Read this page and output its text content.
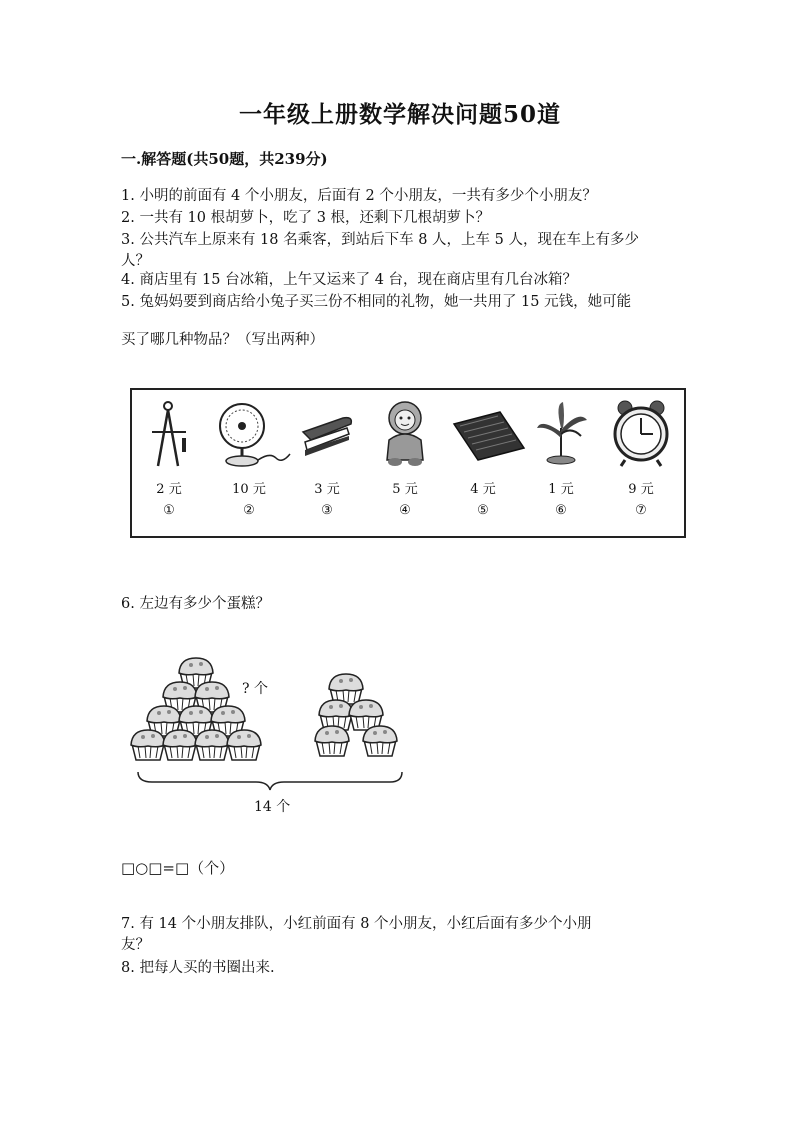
一年级上册数学解决问题50道
一.解答题(共50题，共239分)
1. 小明的前面有 4 个小朋友，后面有 2 个小朋友，一共有多少个小朋友？
2. 一共有 10 根胡萝卜，吃了 3 根，还剩下几根胡萝卜？
3. 公共汽车上原来有 18 名乘客，到站后下车 8 人，上车 5 人，现在车上有多少
人？
4. 商店里有 15 台冰箱，上午又运来了 4 台，现在商店里有几台冰箱？
5. 兔妈妈要到商店给小兔子买三份不相同的礼物，她一共用了 15 元钱，她可能
买了哪几种物品？（写出两种）
2 元
①
10 元
②
3 元
③
5 元
④
4 元
⑤
1 元
⑥
9 元
⑦
6. 左边有多少个蛋糕？
? 个
14 个
□○□=□（个）
7. 有 14 个小朋友排队，小红前面有 8 个小朋友，小红后面有多少个小朋
友？
8. 把每人买的书圈出来.
